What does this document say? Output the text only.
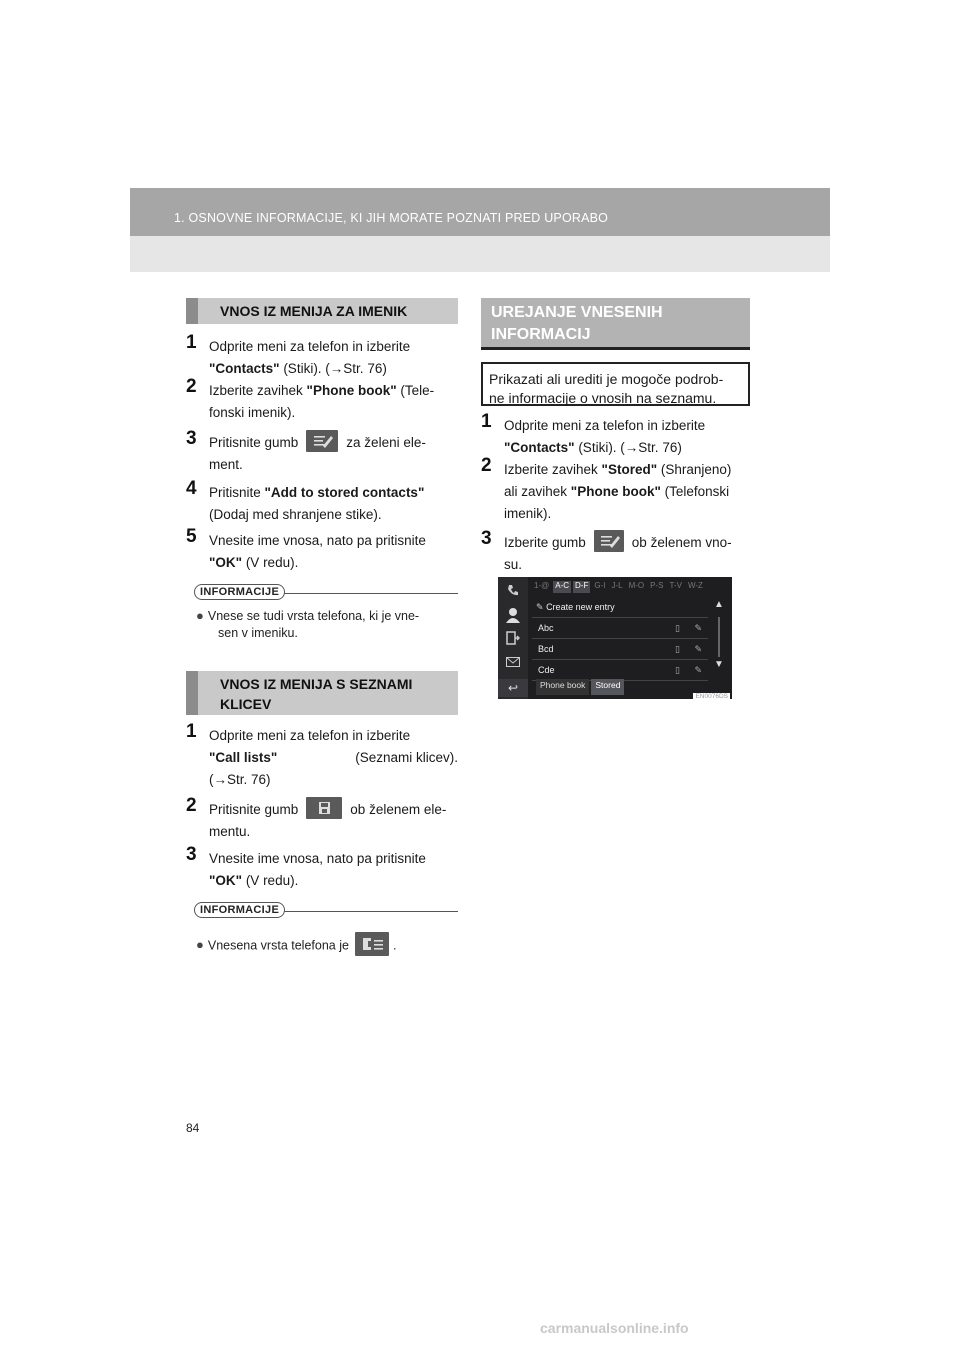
1. OSNOVNE INFORMACIJE, KI JIH MORATE POZNATI PRED UPORABO
VNOS IZ MENIJA ZA IMENIK
1 Odprite meni za telefon in izberite
"Contacts" (Stiki). (→Str. 76)
2 Izberite zavihek "Phone book" (Tele-
fonski imenik).
3 Pritisnite gumb	za želeni ele-
ment.
4 Pritisnite "Add to stored contacts"
(Dodaj med shranjene stike).
5 Vnesite ime vnosa, nato pa pritisnite
"OK" (V redu).
INFORMACIJE
● Vnese se tudi vrsta telefona, ki je vne-
sen v imeniku.
VNOS IZ MENIJA S SEZNAMI
KLICEV
1 Odprite meni za telefon in izberite
"Call lists"	(Seznami klicev).
(→Str. 76)
2 Pritisnite gumb	ob želenem ele-
mentu.
3 Vnesite ime vnosa, nato pa pritisnite
"OK" (V redu).
INFORMACIJE
● Vnesena vrsta telefona je	.
UREJANJE VNESENIH
INFORMACIJ
Prikazati ali urediti je mogoče podrob-
ne informacije o vnosih na seznamu.
1 Odprite meni za telefon in izberite
"Contacts" (Stiki). (→Str. 76)
2 Izberite zavihek "Stored" (Shranjeno)
ali zavihek "Phone book" (Telefonski
imenik).
3 Izberite gumb	ob želenem vno-
su.
↩
1-@ A-C D-F G-I J-L M-O P-S T-V W-Z
✎ Create new entry
Abc	▯ ✎
Bcd	▯ ✎
Cde	▯ ✎
▲
▼
Phone book	Stored
EN0076DS
84
carmanualsonline.info
